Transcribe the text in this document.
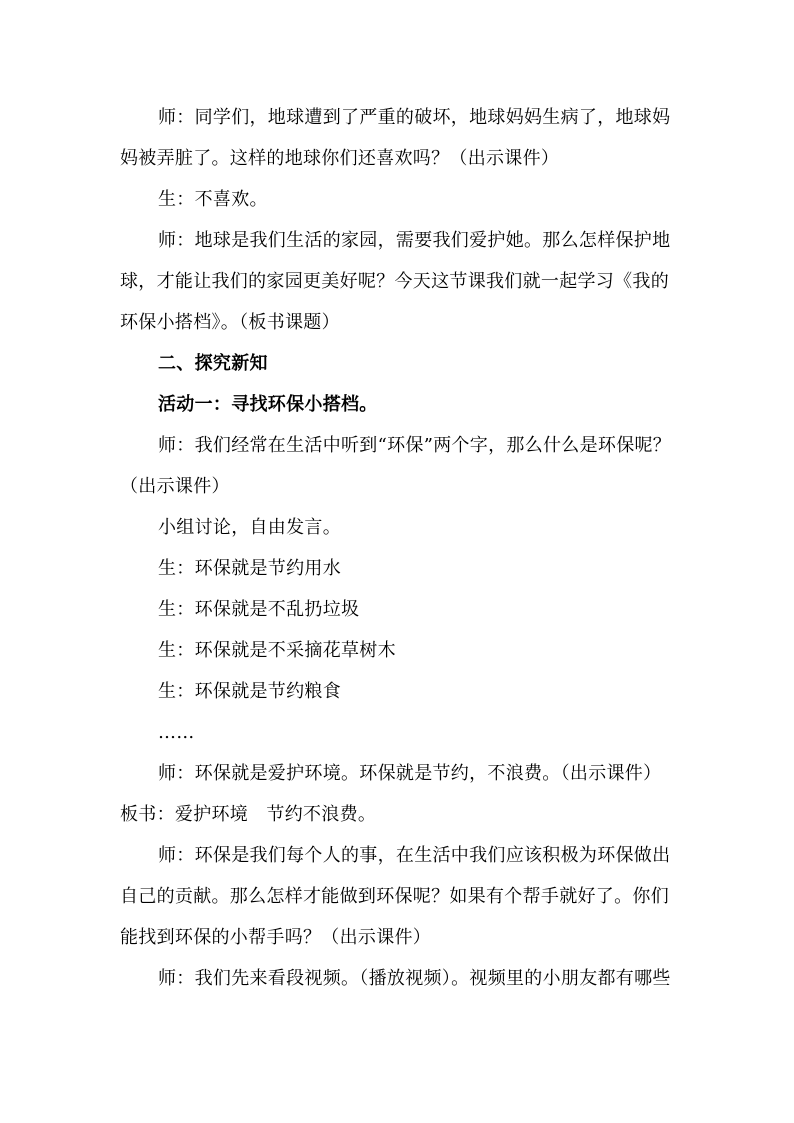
师：同学们，地球遭到了严重的破坏，地球妈妈生病了，地球妈
妈被弄脏了。这样的地球你们还喜欢吗？（出示课件）
生：不喜欢。
师：地球是我们生活的家园，需要我们爱护她。那么怎样保护地
球，才能让我们的家园更美好呢？今天这节课我们就一起学习《我的
环保小搭档》。（板书课题）
二、探究新知
活动一：寻找环保小搭档。
师：我们经常在生活中听到“环保”两个字，那么什么是环保呢？
（出示课件）
小组讨论，自由发言。
生：环保就是节约用水
生：环保就是不乱扔垃圾
生：环保就是不采摘花草树木
生：环保就是节约粮食
……
师：环保就是爱护环境。环保就是节约，不浪费。（出示课件）
板书：爱护环境　节约不浪费。
师：环保是我们每个人的事，在生活中我们应该积极为环保做出
自己的贡献。那么怎样才能做到环保呢？如果有个帮手就好了。你们
能找到环保的小帮手吗？（出示课件）
师：我们先来看段视频。（播放视频）。视频里的小朋友都有哪些
